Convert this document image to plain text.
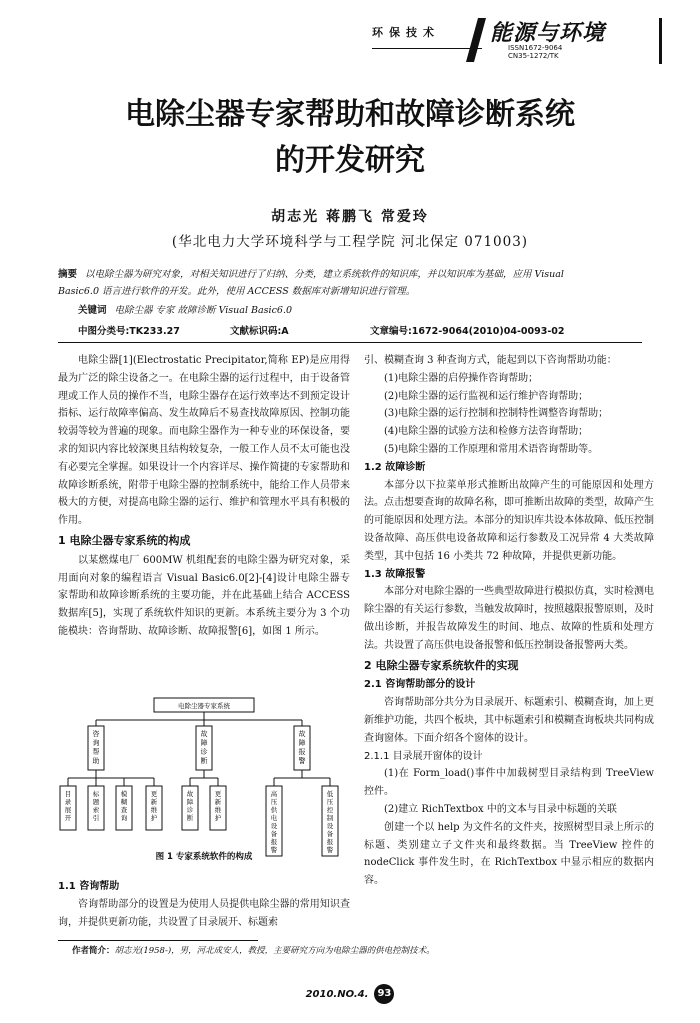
环保技术 能源与环境
ISSN1672-9064
CN35-1272/TK
电除尘器专家帮助和故障诊断系统
的开发研究
胡志光 蒋鹏飞 常爱玲
(华北电力大学环境科学与工程学院 河北保定 071003)
摘要 以电除尘器为研究对象，对相关知识进行了归纳、分类，建立系统软件的知识库，并以知识库为基础，应用 Visual
Basic6.0 语言进行软件的开发。此外，使用 ACCESS 数据库对新增知识进行管理。
关键词 电除尘器 专家 故障诊断 Visual Basic6.0
中图分类号:TK233.27	文献标识码:A	文章编号:1672-9064(2010)04-0093-02

电除尘器[1](Electrostatic Precipitator,简称 EP)是应用得最为广泛的除尘设备之一。在电除尘器的运行过程中，由于设备管理或工作人员的操作不当，电除尘器存在运行效率达不到预定设计指标、运行故障率偏高、发生故障后不易查找故障原因、控制功能较弱等较为普遍的现象。而电除尘器作为一种专业的环保设备，要求的知识内容比较深奥且结构较复杂，一般工作人员不太可能也没有必要完全掌握。如果设计一个内容详尽、操作简捷的专家帮助和故障诊断系统，附带于电除尘器的控制系统中，能给工作人员带来极大的方便，对提高电除尘器的运行、维护和管理水平具有积极的作用。

1 电除尘器专家系统的构成

以某燃煤电厂 600MW 机组配套的电除尘器为研究对象，采用面向对象的编程语言 Visual Basic6.0[2]-[4]设计电除尘器专家帮助和故障诊断系统的主要功能，并在此基础上结合 ACCESS 数据库[5]，实现了系统软件知识的更新。本系统主要分为 3 个功能模块：咨询帮助、故障诊断、故障报警[6]，如图 1 所示。

电除尘器专家系统
咨询帮助
故障诊断
故障报警
目录展开
标题索引
模糊查询
更新维护
故障诊断
更新维护
高压供电设备报警
低压控制设备报警
图 1 专家系统软件的构成
1.1 咨询帮助

咨询帮助部分的设置是为使用人员提供电除尘器的常用知识查询，并提供更新功能，共设置了目录展开、标题索

引、模糊查询 3 种查询方式，能起到以下咨询帮助功能：
(1)电除尘器的启停操作咨询帮助；
(2)电除尘器的运行监视和运行维护咨询帮助；
(3)电除尘器的运行控制和控制特性调整咨询帮助；
(4)电除尘器的试验方法和检修方法咨询帮助；
(5)电除尘器的工作原理和常用术语咨询帮助等。
1.2 故障诊断

本部分以下拉菜单形式推断出故障产生的可能原因和处理方法。点击想要查询的故障名称，即可推断出故障的类型，故障产生的可能原因和处理方法。本部分的知识库共设本体故障、低压控制设备故障、高压供电设备故障和运行参数及工况异常 4 大类故障类型，其中包括 16 小类共 72 种故障，并提供更新功能。

1.3 故障报警

本部分对电除尘器的一些典型故障进行模拟仿真，实时检测电除尘器的有关运行参数，当触发故障时，按照越限报警原则，及时做出诊断，并报告故障发生的时间、地点、故障的性质和处理方法。共设置了高压供电设备报警和低压控制设备报警两大类。

2 电除尘器专家系统软件的实现
2.1 咨询帮助部分的设计

咨询帮助部分共分为目录展开、标题索引、模糊查询，加上更新维护功能，共四个板块，其中标题索引和模糊查询板块共同构成查询窗体。下面介绍各个窗体的设计。

2.1.1 目录展开窗体的设计

(1)在 Form_load()事件中加载树型目录结构到 TreeView 控件。

(2)建立 RichTextbox 中的文本与目录中标题的关联

创建一个以 help 为文件名的文件夹，按照树型目录上所示的标题、类别建立子文件夹和最终数据。当 TreeView 控件的 nodeClick 事件发生时，在 RichTextbox 中显示相应的数据内容。

作者简介：胡志光(1958-)，男，河北成安人，教授，主要研究方向为电除尘器的供电控制技术。
2010.NO.4. 93
